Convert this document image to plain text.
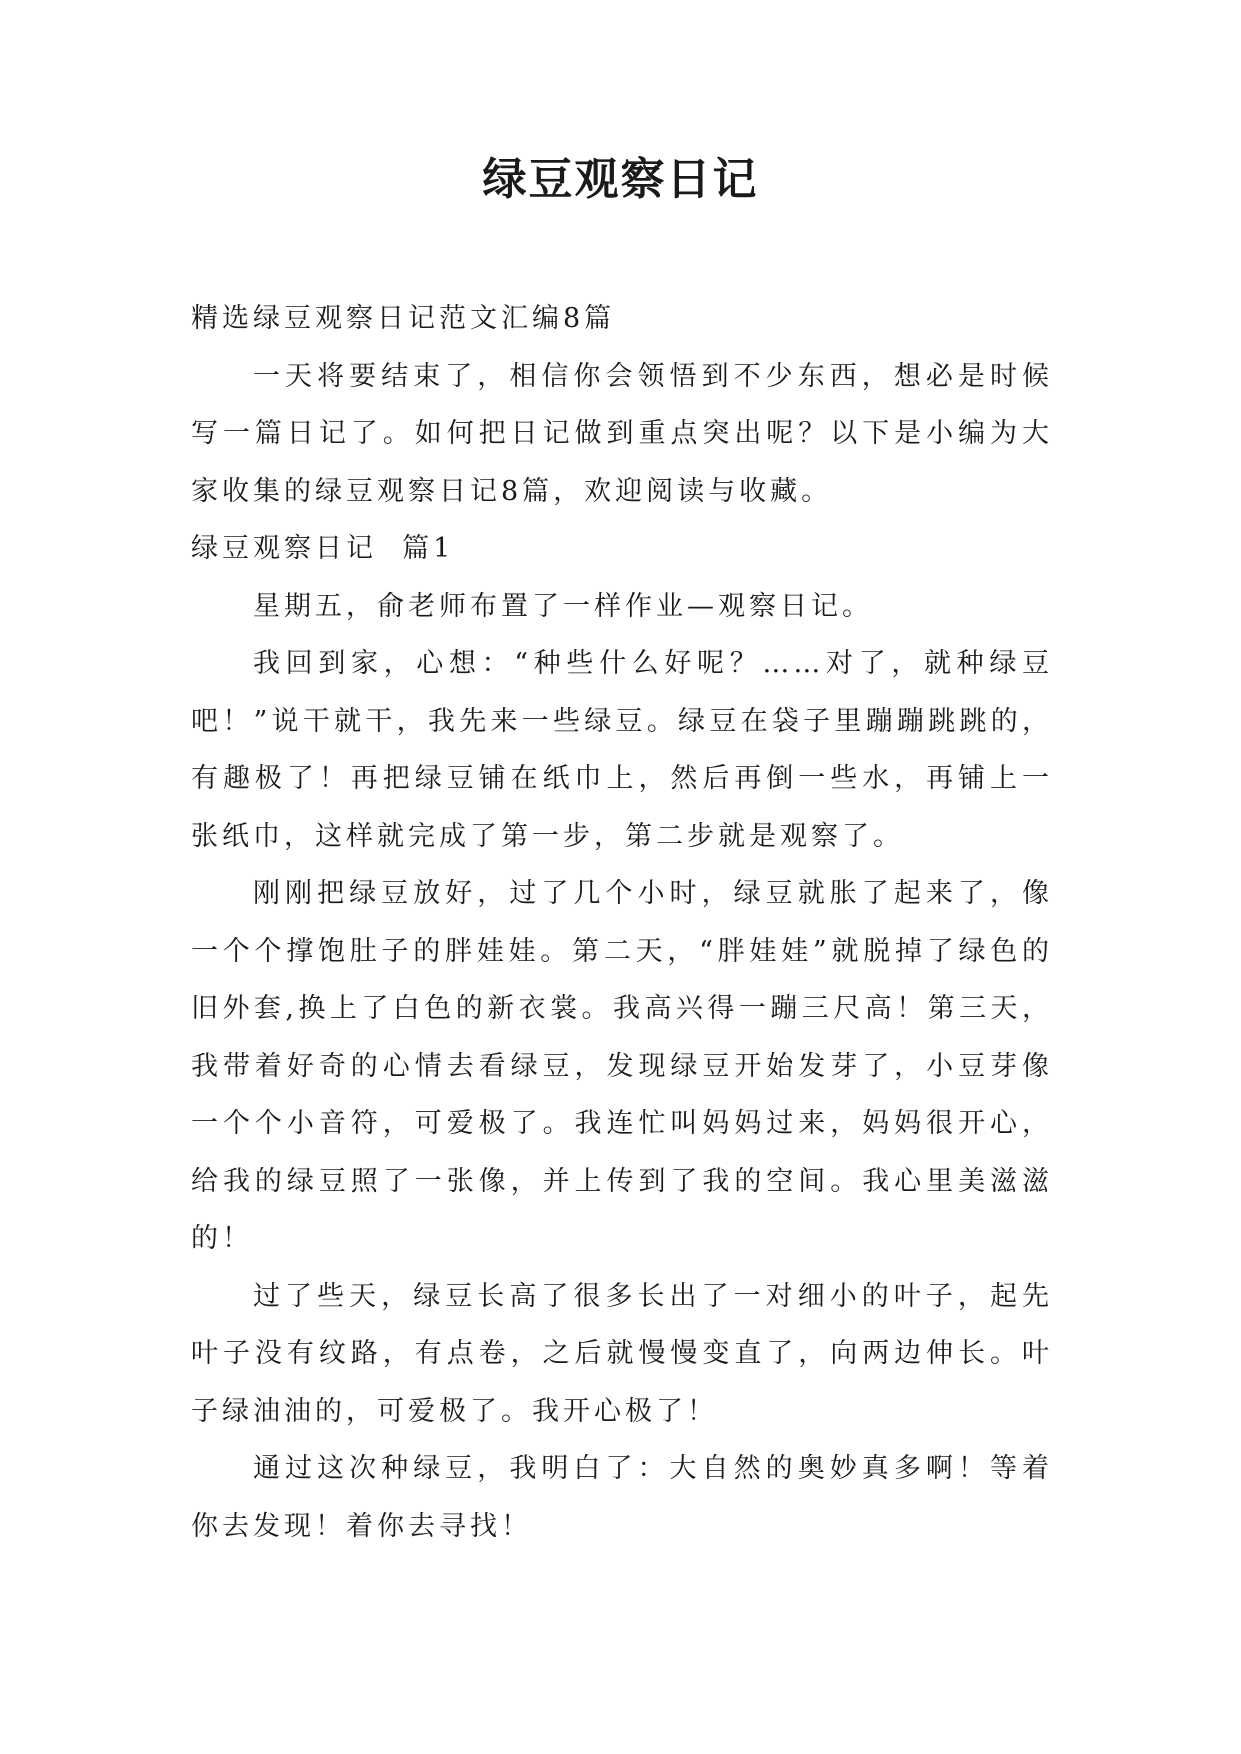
绿豆观察日记

精选绿豆观察日记范文汇编8篇

一天将要结束了，相信你会领悟到不少东西，想必是时候写一篇日记了。如何把日记做到重点突出呢？以下是小编为大家收集的绿豆观察日记8篇，欢迎阅读与收藏。

绿豆观察日记  篇1

星期五，俞老师布置了一样作业—观察日记。

我回到家，心想：“种些什么好呢？……对了，就种绿豆吧！”说干就干，我先来一些绿豆。绿豆在袋子里蹦蹦跳跳的，有趣极了！再把绿豆铺在纸巾上，然后再倒一些水，再铺上一张纸巾，这样就完成了第一步，第二步就是观察了。

刚刚把绿豆放好，过了几个小时，绿豆就胀了起来了，像一个个撑饱肚子的胖娃娃。第二天，“胖娃娃”就脱掉了绿色的旧外套,换上了白色的新衣裳。我高兴得一蹦三尺高！第三天，我带着好奇的心情去看绿豆，发现绿豆开始发芽了，小豆芽像一个个小音符，可爱极了。我连忙叫妈妈过来，妈妈很开心，给我的绿豆照了一张像，并上传到了我的空间。我心里美滋滋的！

过了些天，绿豆长高了很多长出了一对细小的叶子，起先叶子没有纹路，有点卷，之后就慢慢变直了，向两边伸长。叶子绿油油的，可爱极了。我开心极了！

通过这次种绿豆，我明白了：大自然的奥妙真多啊！等着你去发现！着你去寻找！
